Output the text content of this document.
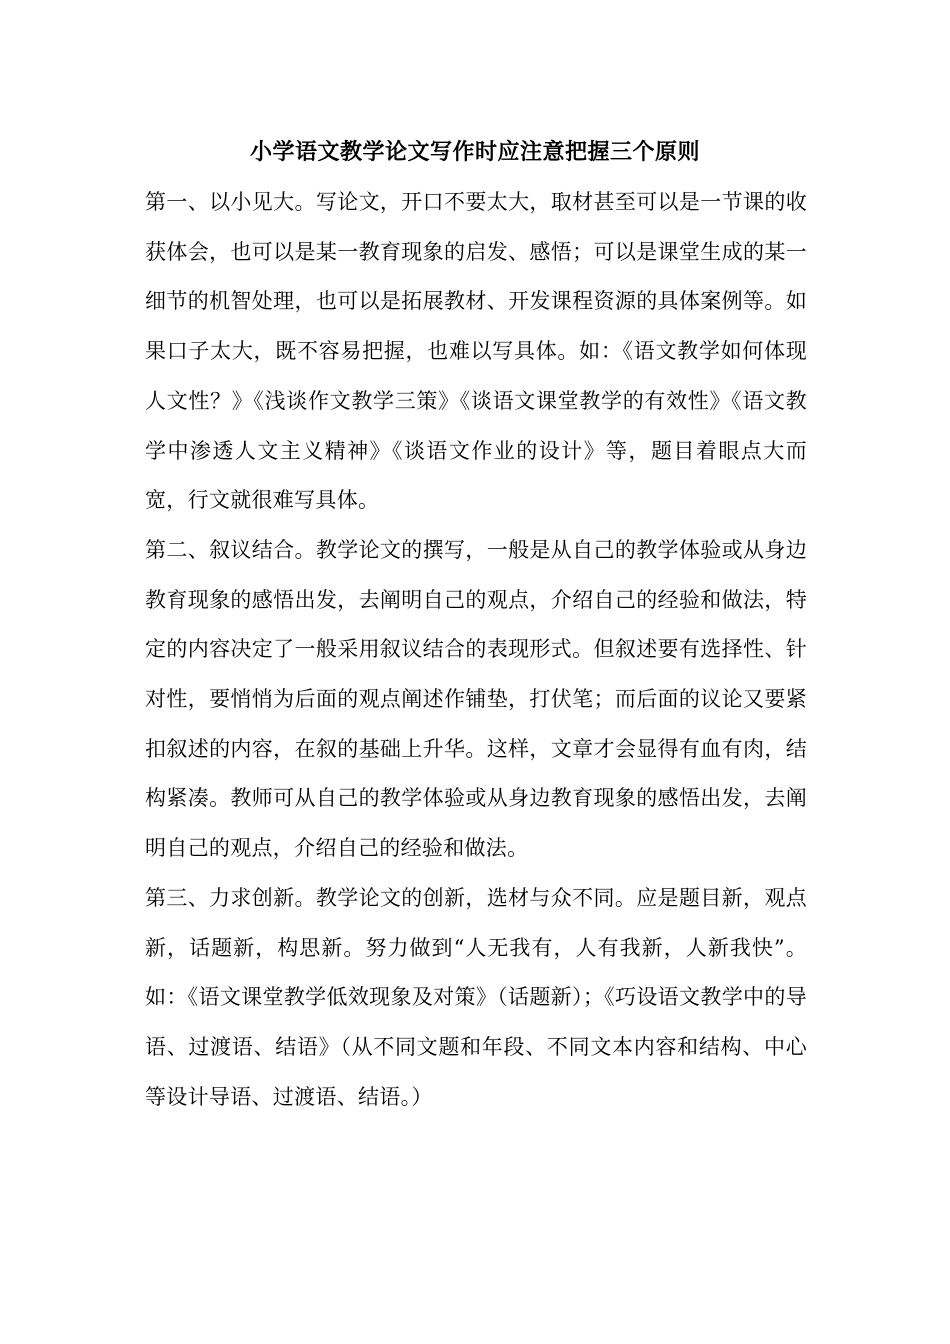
小学语文教学论文写作时应注意把握三个原则

第一、以小见大。写论文，开口不要太大，取材甚至可以是一节课的收获体会，也可以是某一教育现象的启发、感悟；可以是课堂生成的某一细节的机智处理，也可以是拓展教材、开发课程资源的具体案例等。如果口子太大，既不容易把握，也难以写具体。如：《语文教学如何体现人文性？》《浅谈作文教学三策》《谈语文课堂教学的有效性》《语文教学中渗透人文主义精神》《谈语文作业的设计》等，题目着眼点大而宽，行文就很难写具体。

第二、叙议结合。教学论文的撰写，一般是从自己的教学体验或从身边教育现象的感悟出发，去阐明自己的观点，介绍自己的经验和做法，特定的内容决定了一般采用叙议结合的表现形式。但叙述要有选择性、针对性，要悄悄为后面的观点阐述作铺垫，打伏笔；而后面的议论又要紧扣叙述的内容，在叙的基础上升华。这样，文章才会显得有血有肉，结构紧凑。教师可从自己的教学体验或从身边教育现象的感悟出发，去阐明自己的观点，介绍自己的经验和做法。

第三、力求创新。教学论文的创新，选材与众不同。应是题目新，观点新，话题新，构思新。努力做到“人无我有，人有我新，人新我快”。如：《语文课堂教学低效现象及对策》（话题新）；《巧设语文教学中的导语、过渡语、结语》（从不同文题和年段、不同文本内容和结构、中心等设计导语、过渡语、结语。）
